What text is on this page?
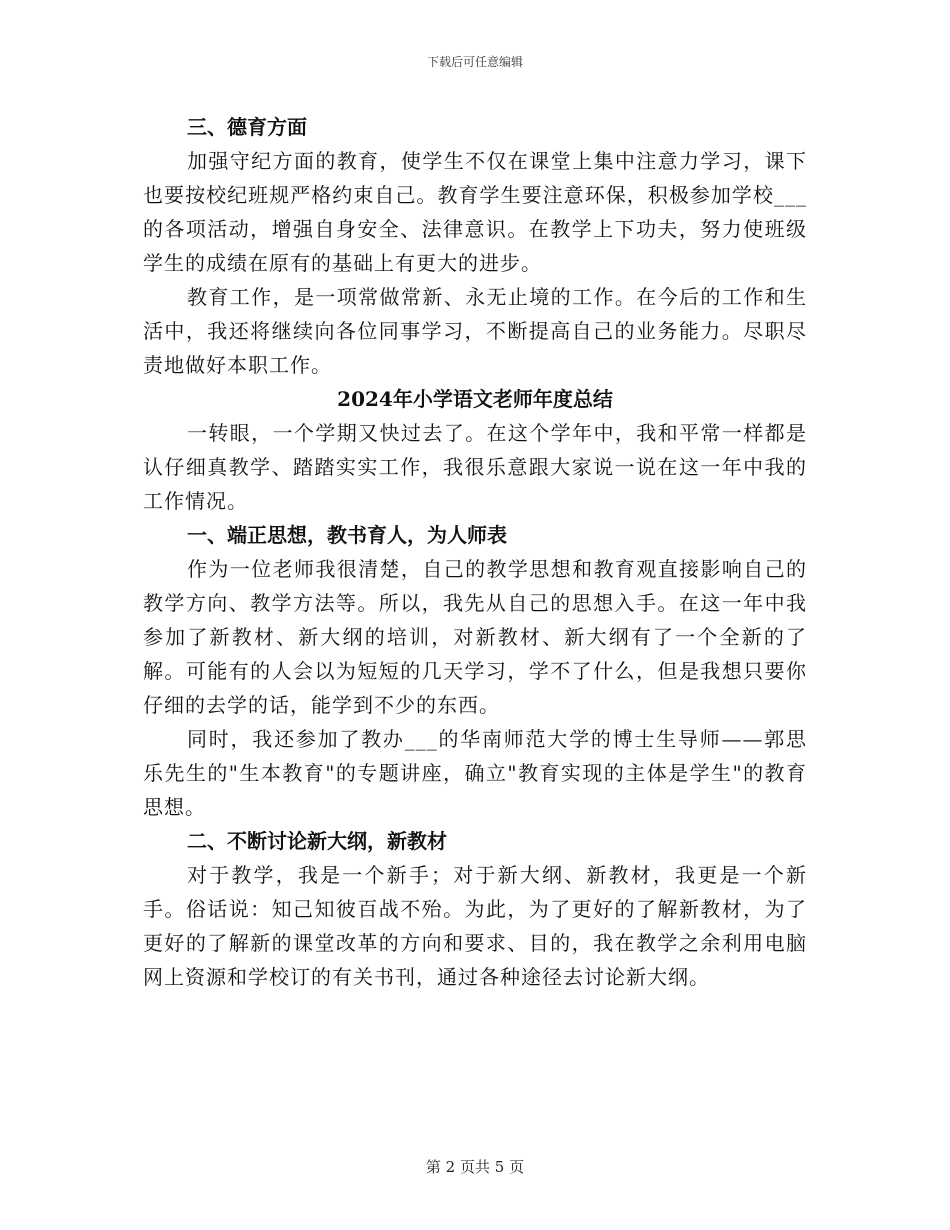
下载后可任意编辑
三、德育方面
加强守纪方面的教育，使学生不仅在课堂上集中注意力学习，课下也要按校纪班规严格约束自己。教育学生要注意环保，积极参加学校___的各项活动，增强自身安全、法律意识。在教学上下功夫，努力使班级学生的成绩在原有的基础上有更大的进步。
教育工作，是一项常做常新、永无止境的工作。在今后的工作和生活中，我还将继续向各位同事学习，不断提高自己的业务能力。尽职尽责地做好本职工作。
2024年小学语文老师年度总结
一转眼，一个学期又快过去了。在这个学年中，我和平常一样都是认仔细真教学、踏踏实实工作，我很乐意跟大家说一说在这一年中我的工作情况。
一、端正思想，教书育人，为人师表
作为一位老师我很清楚，自己的教学思想和教育观直接影响自己的教学方向、教学方法等。所以，我先从自己的思想入手。在这一年中我参加了新教材、新大纲的培训，对新教材、新大纲有了一个全新的了解。可能有的人会以为短短的几天学习，学不了什么，但是我想只要你仔细的去学的话，能学到不少的东西。
同时，我还参加了教办___的华南师范大学的博士生导师——郭思乐先生的"生本教育"的专题讲座，确立"教育实现的主体是学生"的教育思想。
二、不断讨论新大纲，新教材
对于教学，我是一个新手；对于新大纲、新教材，我更是一个新手。俗话说：知己知彼百战不殆。为此，为了更好的了解新教材，为了更好的了解新的课堂改革的方向和要求、目的，我在教学之余利用电脑网上资源和学校订的有关书刊，通过各种途径去讨论新大纲。
第 2 页共 5 页
